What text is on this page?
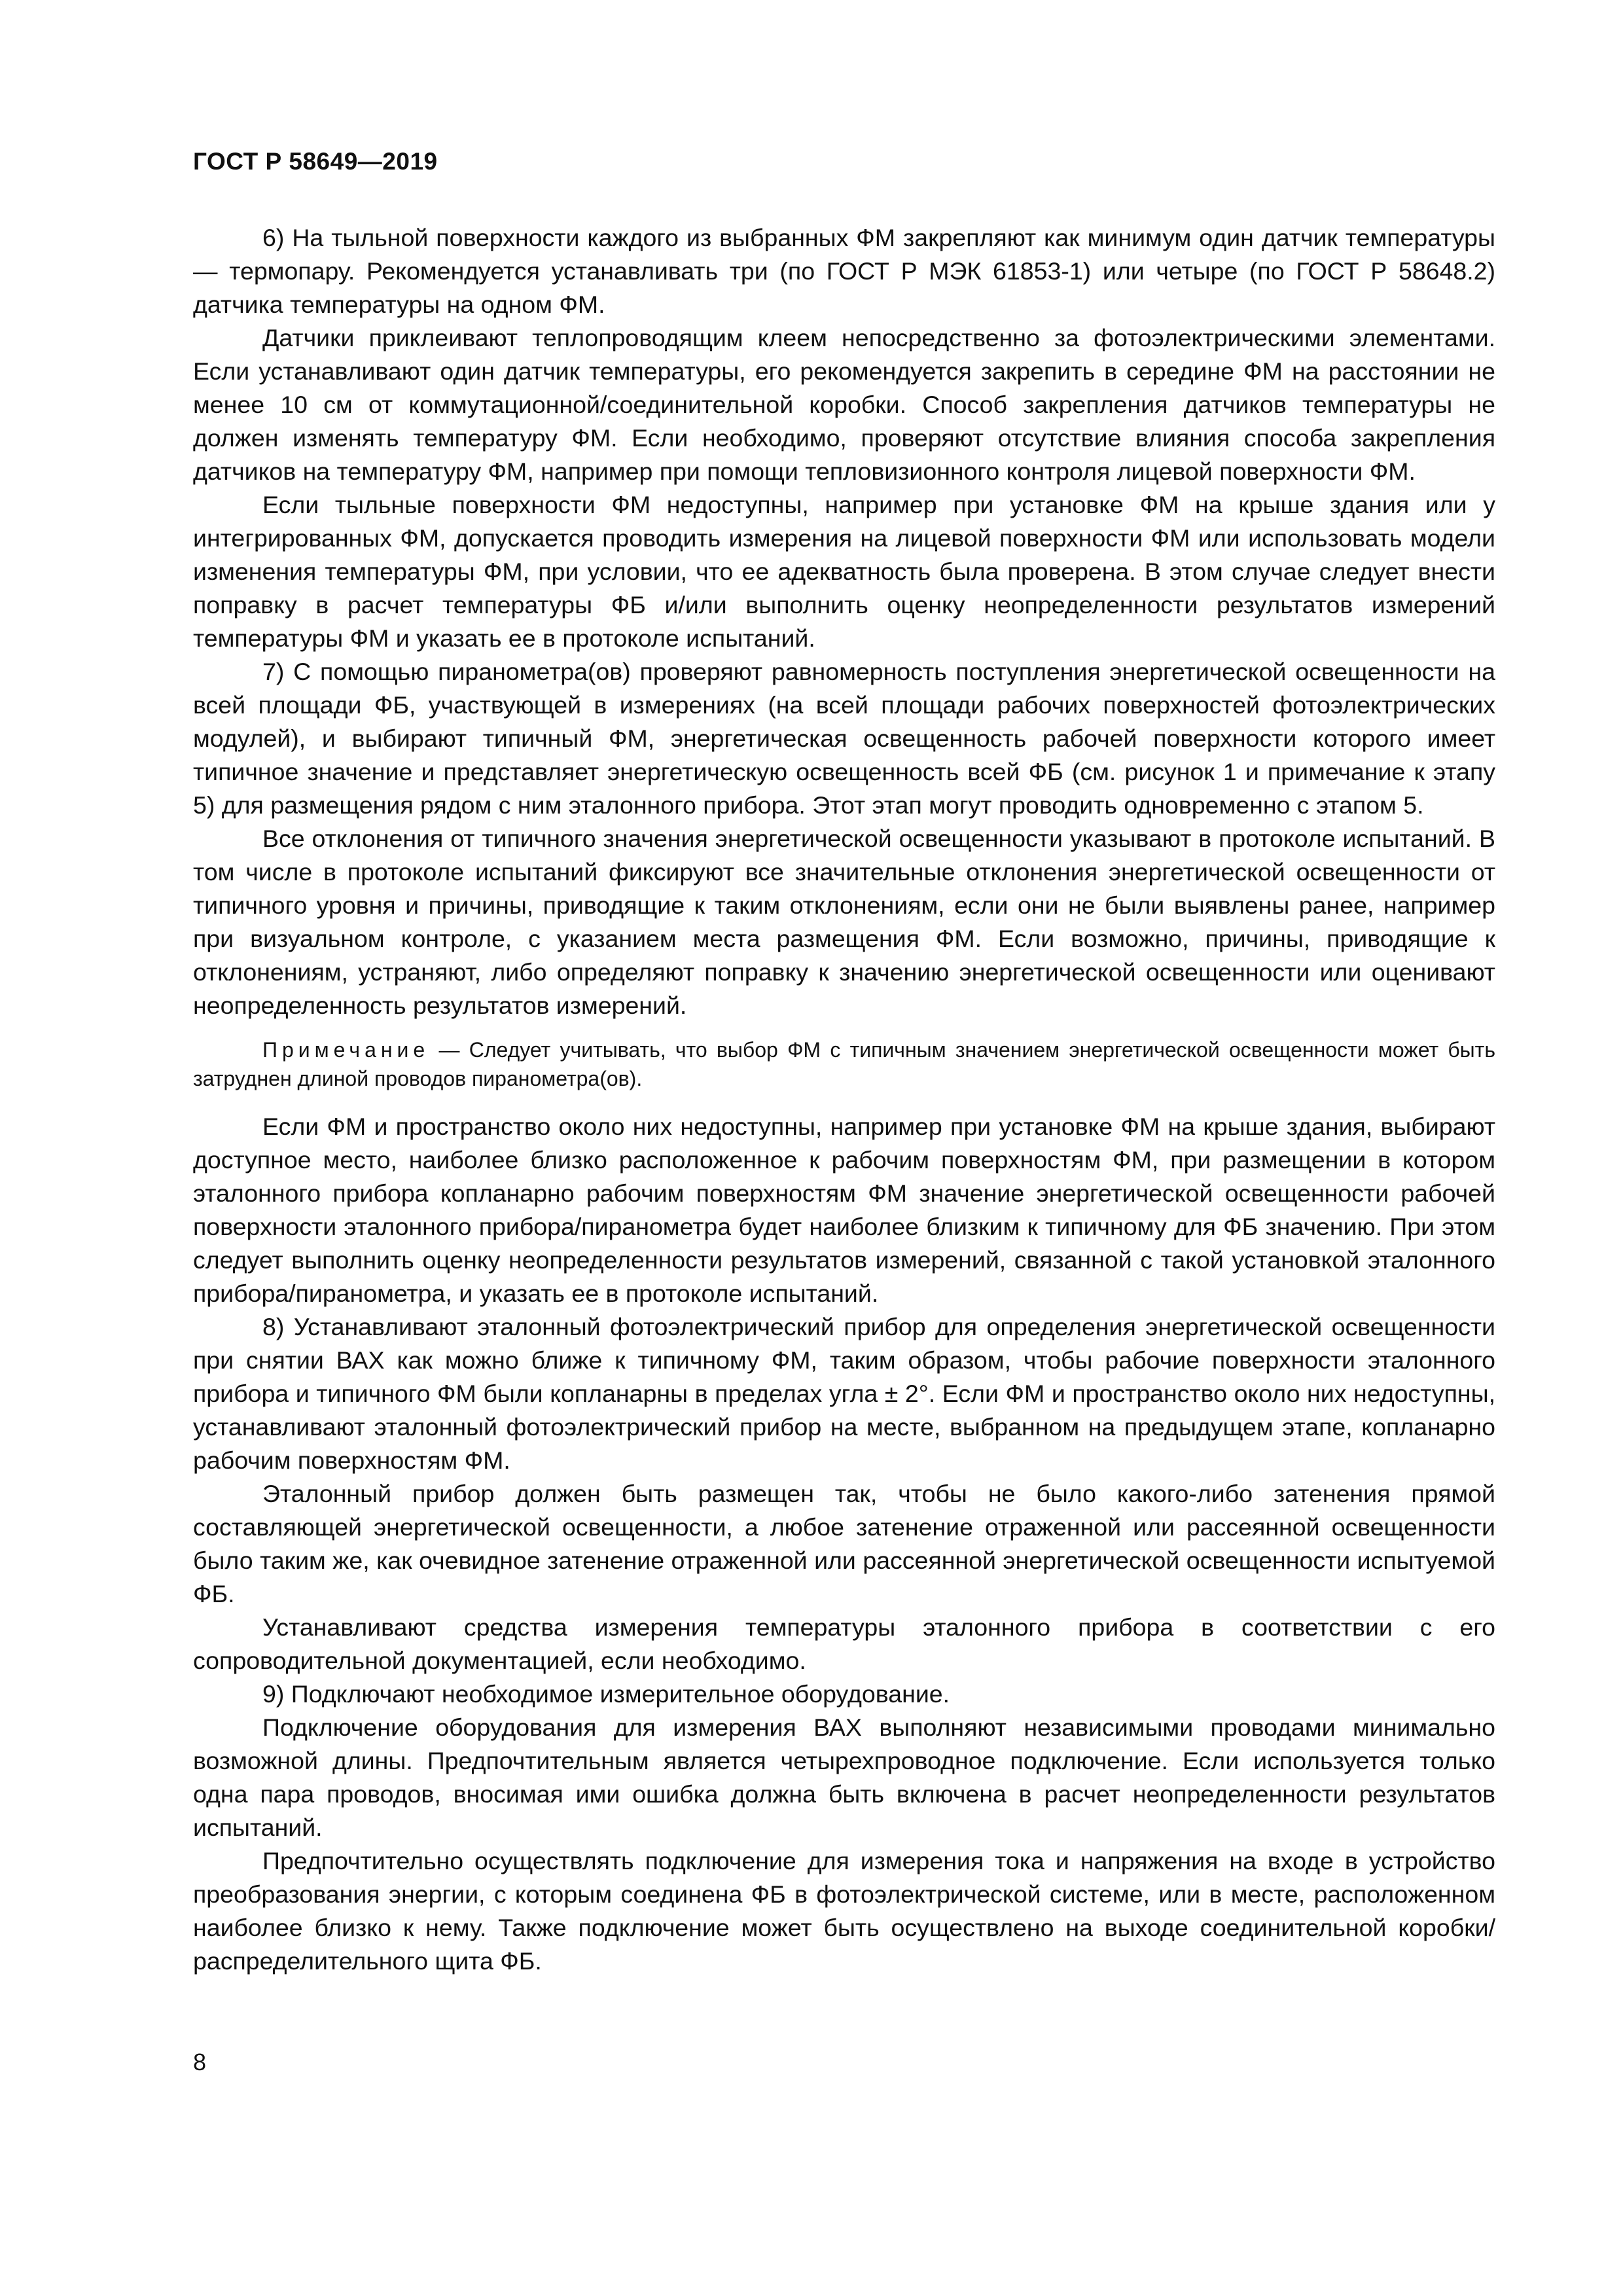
ГОСТ Р 58649—2019

6) На тыльной поверхности каждого из выбранных ФМ закрепляют как минимум один датчик температуры — термопару. Рекомендуется устанавливать три (по ГОСТ Р МЭК 61853-1) или четыре (по ГОСТ Р 58648.2) датчика температуры на одном ФМ.

Датчики приклеивают теплопроводящим клеем непосредственно за фотоэлектрическими элементами. Если устанавливают один датчик температуры, его рекомендуется закрепить в середине ФМ на расстоянии не менее 10 см от коммутационной/соединительной коробки. Способ закрепления датчиков температуры не должен изменять температуру ФМ. Если необходимо, проверяют отсутствие влияния способа закрепления датчиков на температуру ФМ, например при помощи тепловизионного контроля лицевой поверхности ФМ.

Если тыльные поверхности ФМ недоступны, например при установке ФМ на крыше здания или у интегрированных ФМ, допускается проводить измерения на лицевой поверхности ФМ или использовать модели изменения температуры ФМ, при условии, что ее адекватность была проверена. В этом случае следует внести поправку в расчет температуры ФБ и/или выполнить оценку неопределенности результатов измерений температуры ФМ и указать ее в протоколе испытаний.

7) С помощью пиранометра(ов) проверяют равномерность поступления энергетической освещенности на всей площади ФБ, участвующей в измерениях (на всей площади рабочих поверхностей фотоэлектрических модулей), и выбирают типичный ФМ, энергетическая освещенность рабочей поверхности которого имеет типичное значение и представляет энергетическую освещенность всей ФБ (см. рисунок 1 и примечание к этапу 5) для размещения рядом с ним эталонного прибора. Этот этап могут проводить одновременно с этапом 5.

Все отклонения от типичного значения энергетической освещенности указывают в протоколе испытаний. В том числе в протоколе испытаний фиксируют все значительные отклонения энергетической освещенности от типичного уровня и причины, приводящие к таким отклонениям, если они не были выявлены ранее, например при визуальном контроле, с указанием места размещения ФМ. Если возможно, причины, приводящие к отклонениям, устраняют, либо определяют поправку к значению энергетической освещенности или оценивают неопределенность результатов измерений.

Примечание — Следует учитывать, что выбор ФМ с типичным значением энергетической освещенности может быть затруднен длиной проводов пиранометра(ов).

Если ФМ и пространство около них недоступны, например при установке ФМ на крыше здания, выбирают доступное место, наиболее близко расположенное к рабочим поверхностям ФМ, при размещении в котором эталонного прибора копланарно рабочим поверхностям ФМ значение энергетической освещенности рабочей поверхности эталонного прибора/пиранометра будет наиболее близким к типичному для ФБ значению. При этом следует выполнить оценку неопределенности результатов измерений, связанной с такой установкой эталонного прибора/пиранометра, и указать ее в протоколе испытаний.

8) Устанавливают эталонный фотоэлектрический прибор для определения энергетической освещенности при снятии ВАХ как можно ближе к типичному ФМ, таким образом, чтобы рабочие поверхности эталонного прибора и типичного ФМ были копланарны в пределах угла ± 2°. Если ФМ и пространство около них недоступны, устанавливают эталонный фотоэлектрический прибор на месте, выбранном на предыдущем этапе, копланарно рабочим поверхностям ФМ.

Эталонный прибор должен быть размещен так, чтобы не было какого-либо затенения прямой составляющей энергетической освещенности, а любое затенение отраженной или рассеянной освещенности было таким же, как очевидное затенение отраженной или рассеянной энергетической освещенности испытуемой ФБ.

Устанавливают средства измерения температуры эталонного прибора в соответствии с его сопроводительной документацией, если необходимо.

9) Подключают необходимое измерительное оборудование.

Подключение оборудования для измерения ВАХ выполняют независимыми проводами минимально возможной длины. Предпочтительным является четырехпроводное подключение. Если используется только одна пара проводов, вносимая ими ошибка должна быть включена в расчет неопределенности результатов испытаний.

Предпочтительно осуществлять подключение для измерения тока и напряжения на входе в устройство преобразования энергии, с которым соединена ФБ в фотоэлектрической системе, или в месте, расположенном наиболее близко к нему. Также подключение может быть осуществлено на выходе соединительной коробки/распределительного щита ФБ.

8
